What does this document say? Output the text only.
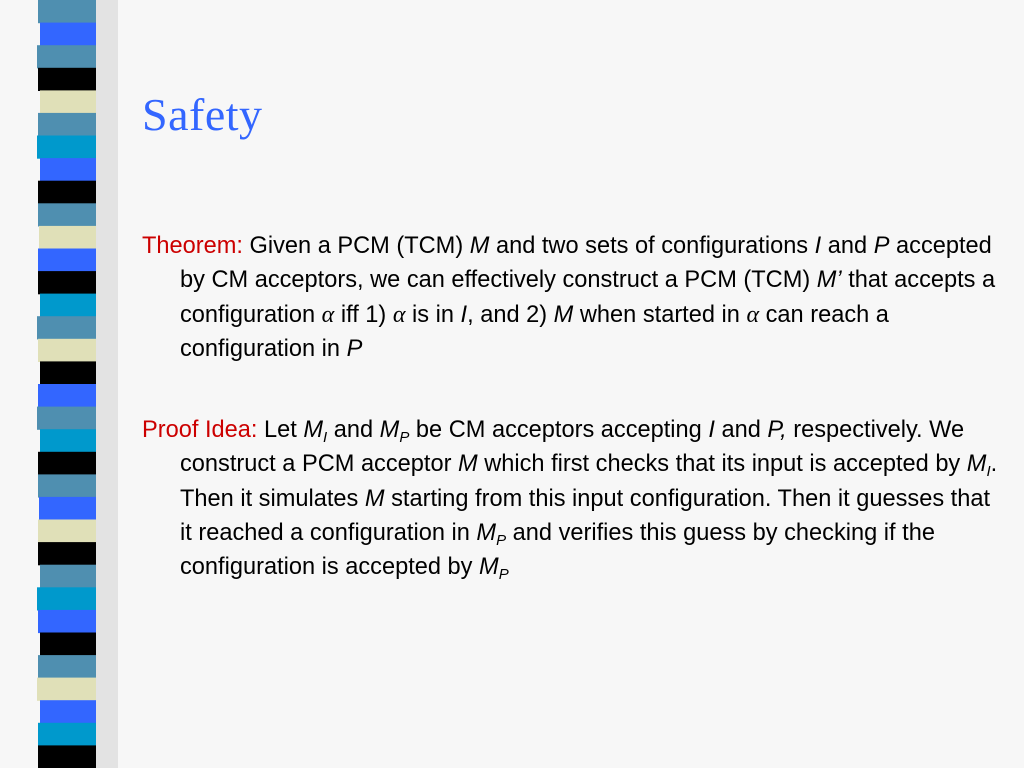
Safety

Theorem: Given a PCM (TCM) M and two sets of configurations I and P accepted by CM acceptors, we can effectively construct a PCM (TCM) M’ that accepts a configuration α iff 1) α is in I, and 2) M when started in α can reach a configuration in P

Proof Idea: Let $M_I$ and $M_P$ be CM acceptors accepting I and P, respectively. We construct a PCM acceptor M which first checks that its input is accepted by $M_I$. Then it simulates M starting from this input configuration. Then it guesses that it reached a configuration in $M_P$ and verifies this guess by checking if the configuration is accepted by $M_P$
